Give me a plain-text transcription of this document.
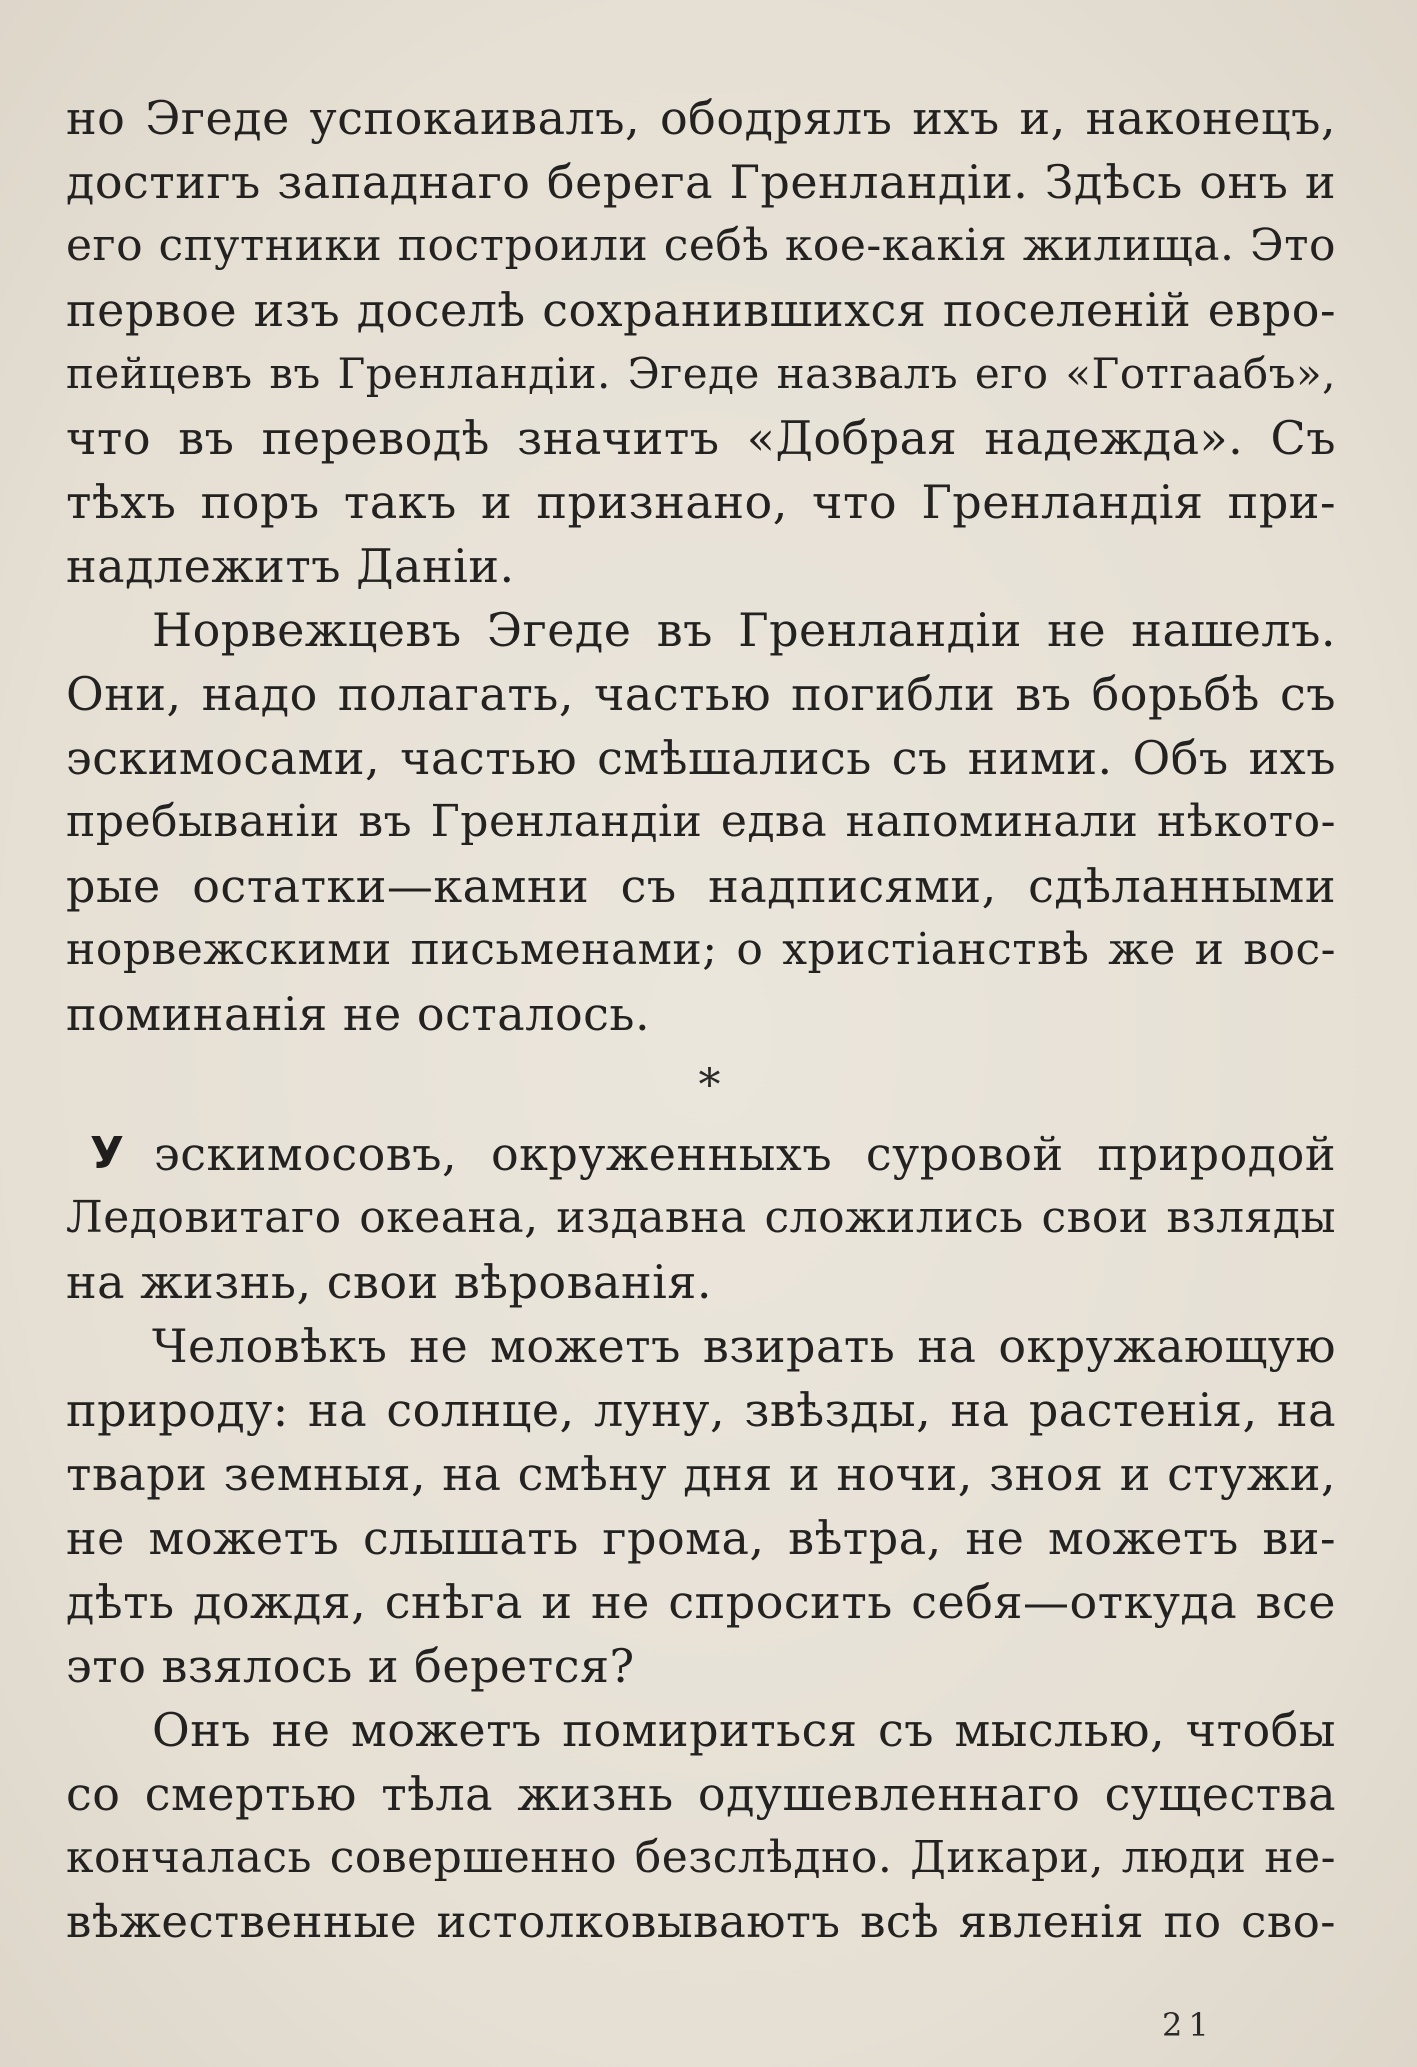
но Эгеде успокаивалъ, ободрялъ ихъ и, наконецъ,
достигъ западнаго берега Гренландіи. Здѣсь онъ и
его спутники построили себѣ кое-какія жилища. Это
первое изъ доселѣ сохранившихся поселеній евро-
пейцевъ въ Гренландіи. Эгеде назвалъ его «Готгаабъ»,
что въ переводѣ значитъ «Добрая надежда». Съ
тѣхъ поръ такъ и признано, что Гренландія при-
надлежитъ Даніи.
Норвежцевъ Эгеде въ Гренландіи не нашелъ.
Они, надо полагать, частью погибли въ борьбѣ съ
эскимосами, частью смѣшались съ ними. Объ ихъ
пребываніи въ Гренландіи едва напоминали нѣкото-
рые остатки—камни съ надписями, сдѣланными
норвежскими письменами; о христіанствѣ же и вос-
поминанія не осталось.
эскимосовъ, окруженныхъ суровой природой
Ледовитаго океана, издавна сложились свои взляды
на жизнь, свои вѣрованія.
Человѣкъ не можетъ взирать на окружающую
природу: на солнце, луну, звѣзды, на растенія, на
твари земныя, на смѣну дня и ночи, зноя и стужи,
не можетъ слышать грома, вѣтра, не можетъ ви-
дѣть дождя, снѣга и не спросить себя—откуда все
это взялось и берется?
Онъ не можетъ помириться съ мыслью, чтобы
со смертью тѣла жизнь одушевленнаго существа
кончалась совершенно безслѣдно. Дикари, люди не-
вѣжественные истолковываютъ всѣ явленія по сво-
*
У
21
